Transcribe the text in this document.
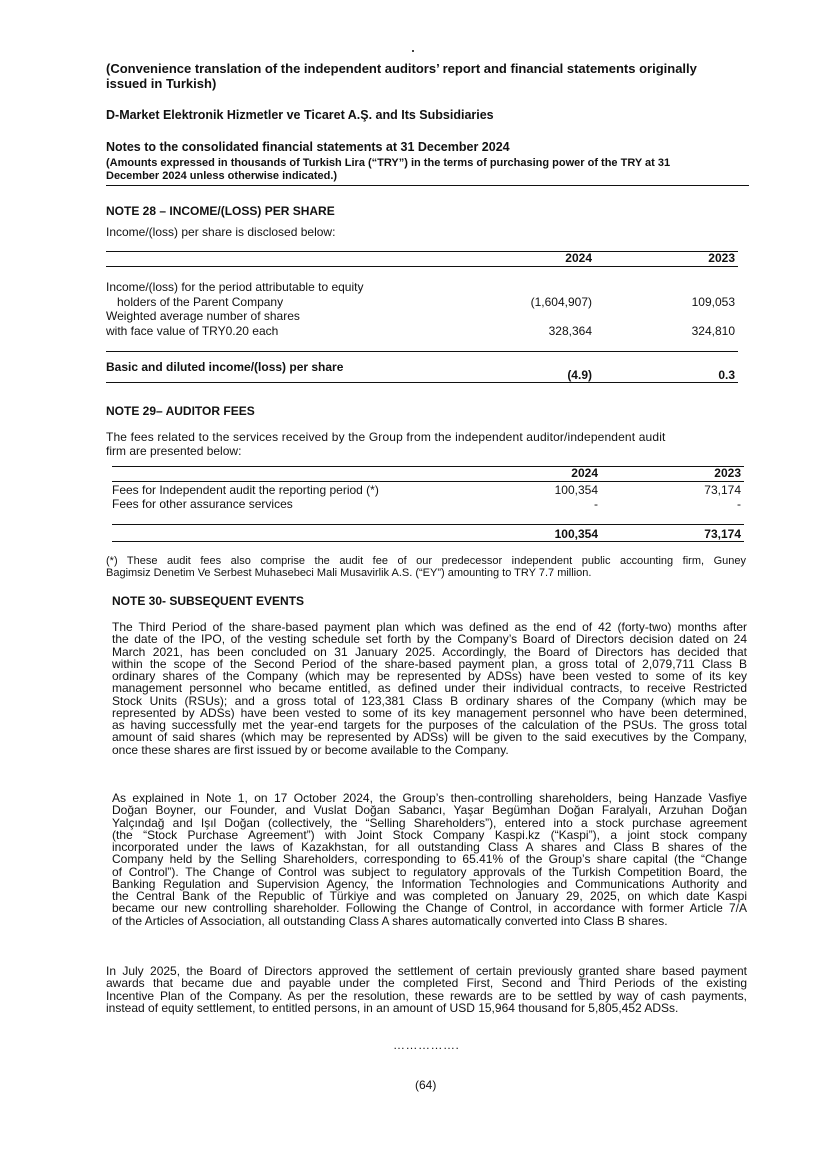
(Convenience translation of the independent auditors’ report and financial statements originally
issued in Turkish)
D-Market Elektronik Hizmetler ve Ticaret A.Ş. and Its Subsidiaries
Notes to the consolidated financial statements at 31 December 2024
(Amounts expressed in thousands of Turkish Lira (“TRY”) in the terms of purchasing power of the TRY at 31
December 2024 unless otherwise indicated.)
NOTE 28 – INCOME/(LOSS) PER SHARE
Income/(loss) per share is disclosed below:
2024	2023
Income/(loss) for the period attributable to equity
holders of the Parent Company	(1,604,907)	109,053
Weighted average number of shares
with face value of TRY0.20 each	328,364	324,810
Basic and diluted income/(loss) per share
(4.9)	0.3
NOTE 29– AUDITOR FEES
The fees related to the services received by the Group from the independent auditor/independent audit
firm are presented below:
2024	2023
Fees for Independent audit the reporting period (*)	100,354	73,174
Fees for other assurance services	-	-
100,354	73,174
(*) These audit fees also comprise the audit fee of our predecessor independent public accounting firm, Guney
Bagimsiz Denetim Ve Serbest Muhasebeci Mali Musavirlik A.S. (“EY”) amounting to TRY 7.7 million.
NOTE 30- SUBSEQUENT EVENTS
The Third Period of the share-based payment plan which was defined as the end of 42 (forty-two) months after
the date of the IPO, of the vesting schedule set forth by the Company’s Board of Directors decision dated on 24
March 2021, has been concluded on 31 January 2025. Accordingly, the Board of Directors has decided that
within the scope of the Second Period of the share-based payment plan, a gross total of 2,079,711 Class B
ordinary shares of the Company (which may be represented by ADSs) have been vested to some of its key
management personnel who became entitled, as defined under their individual contracts, to receive Restricted
Stock Units (RSUs); and a gross total of 123,381 Class B ordinary shares of the Company (which may be
represented by ADSs) have been vested to some of its key management personnel who have been determined,
as having successfully met the year-end targets for the purposes of the calculation of the PSUs. The gross total
amount of said shares (which may be represented by ADSs) will be given to the said executives by the Company,
once these shares are first issued by or become available to the Company.
As explained in Note 1, on 17 October 2024, the Group’s then-controlling shareholders, being Hanzade Vasfiye
Doğan Boyner, our Founder, and Vuslat Doğan Sabancı, Yaşar Begümhan Doğan Faralyalı, Arzuhan Doğan
Yalçındağ and Işıl Doğan (collectively, the “Selling Shareholders”), entered into a stock purchase agreement
(the “Stock Purchase Agreement”) with Joint Stock Company Kaspi.kz (“Kaspi”), a joint stock company
incorporated under the laws of Kazakhstan, for all outstanding Class A shares and Class B shares of the
Company held by the Selling Shareholders, corresponding to 65.41% of the Group’s share capital (the “Change
of Control”). The Change of Control was subject to regulatory approvals of the Turkish Competition Board, the
Banking Regulation and Supervision Agency, the Information Technologies and Communications Authority and
the Central Bank of the Republic of Türkiye and was completed on January 29, 2025, on which date Kaspi
became our new controlling shareholder. Following the Change of Control, in accordance with former Article 7/A
of the Articles of Association, all outstanding Class A shares automatically converted into Class B shares.
In July 2025, the Board of Directors approved the settlement of certain previously granted share based payment
awards that became due and payable under the completed First, Second and Third Periods of the existing
Incentive Plan of the Company. As per the resolution, these rewards are to be settled by way of cash payments,
instead of equity settlement, to entitled persons, in an amount of USD 15,964 thousand for 5,805,452 ADSs.
…………….
(64)
